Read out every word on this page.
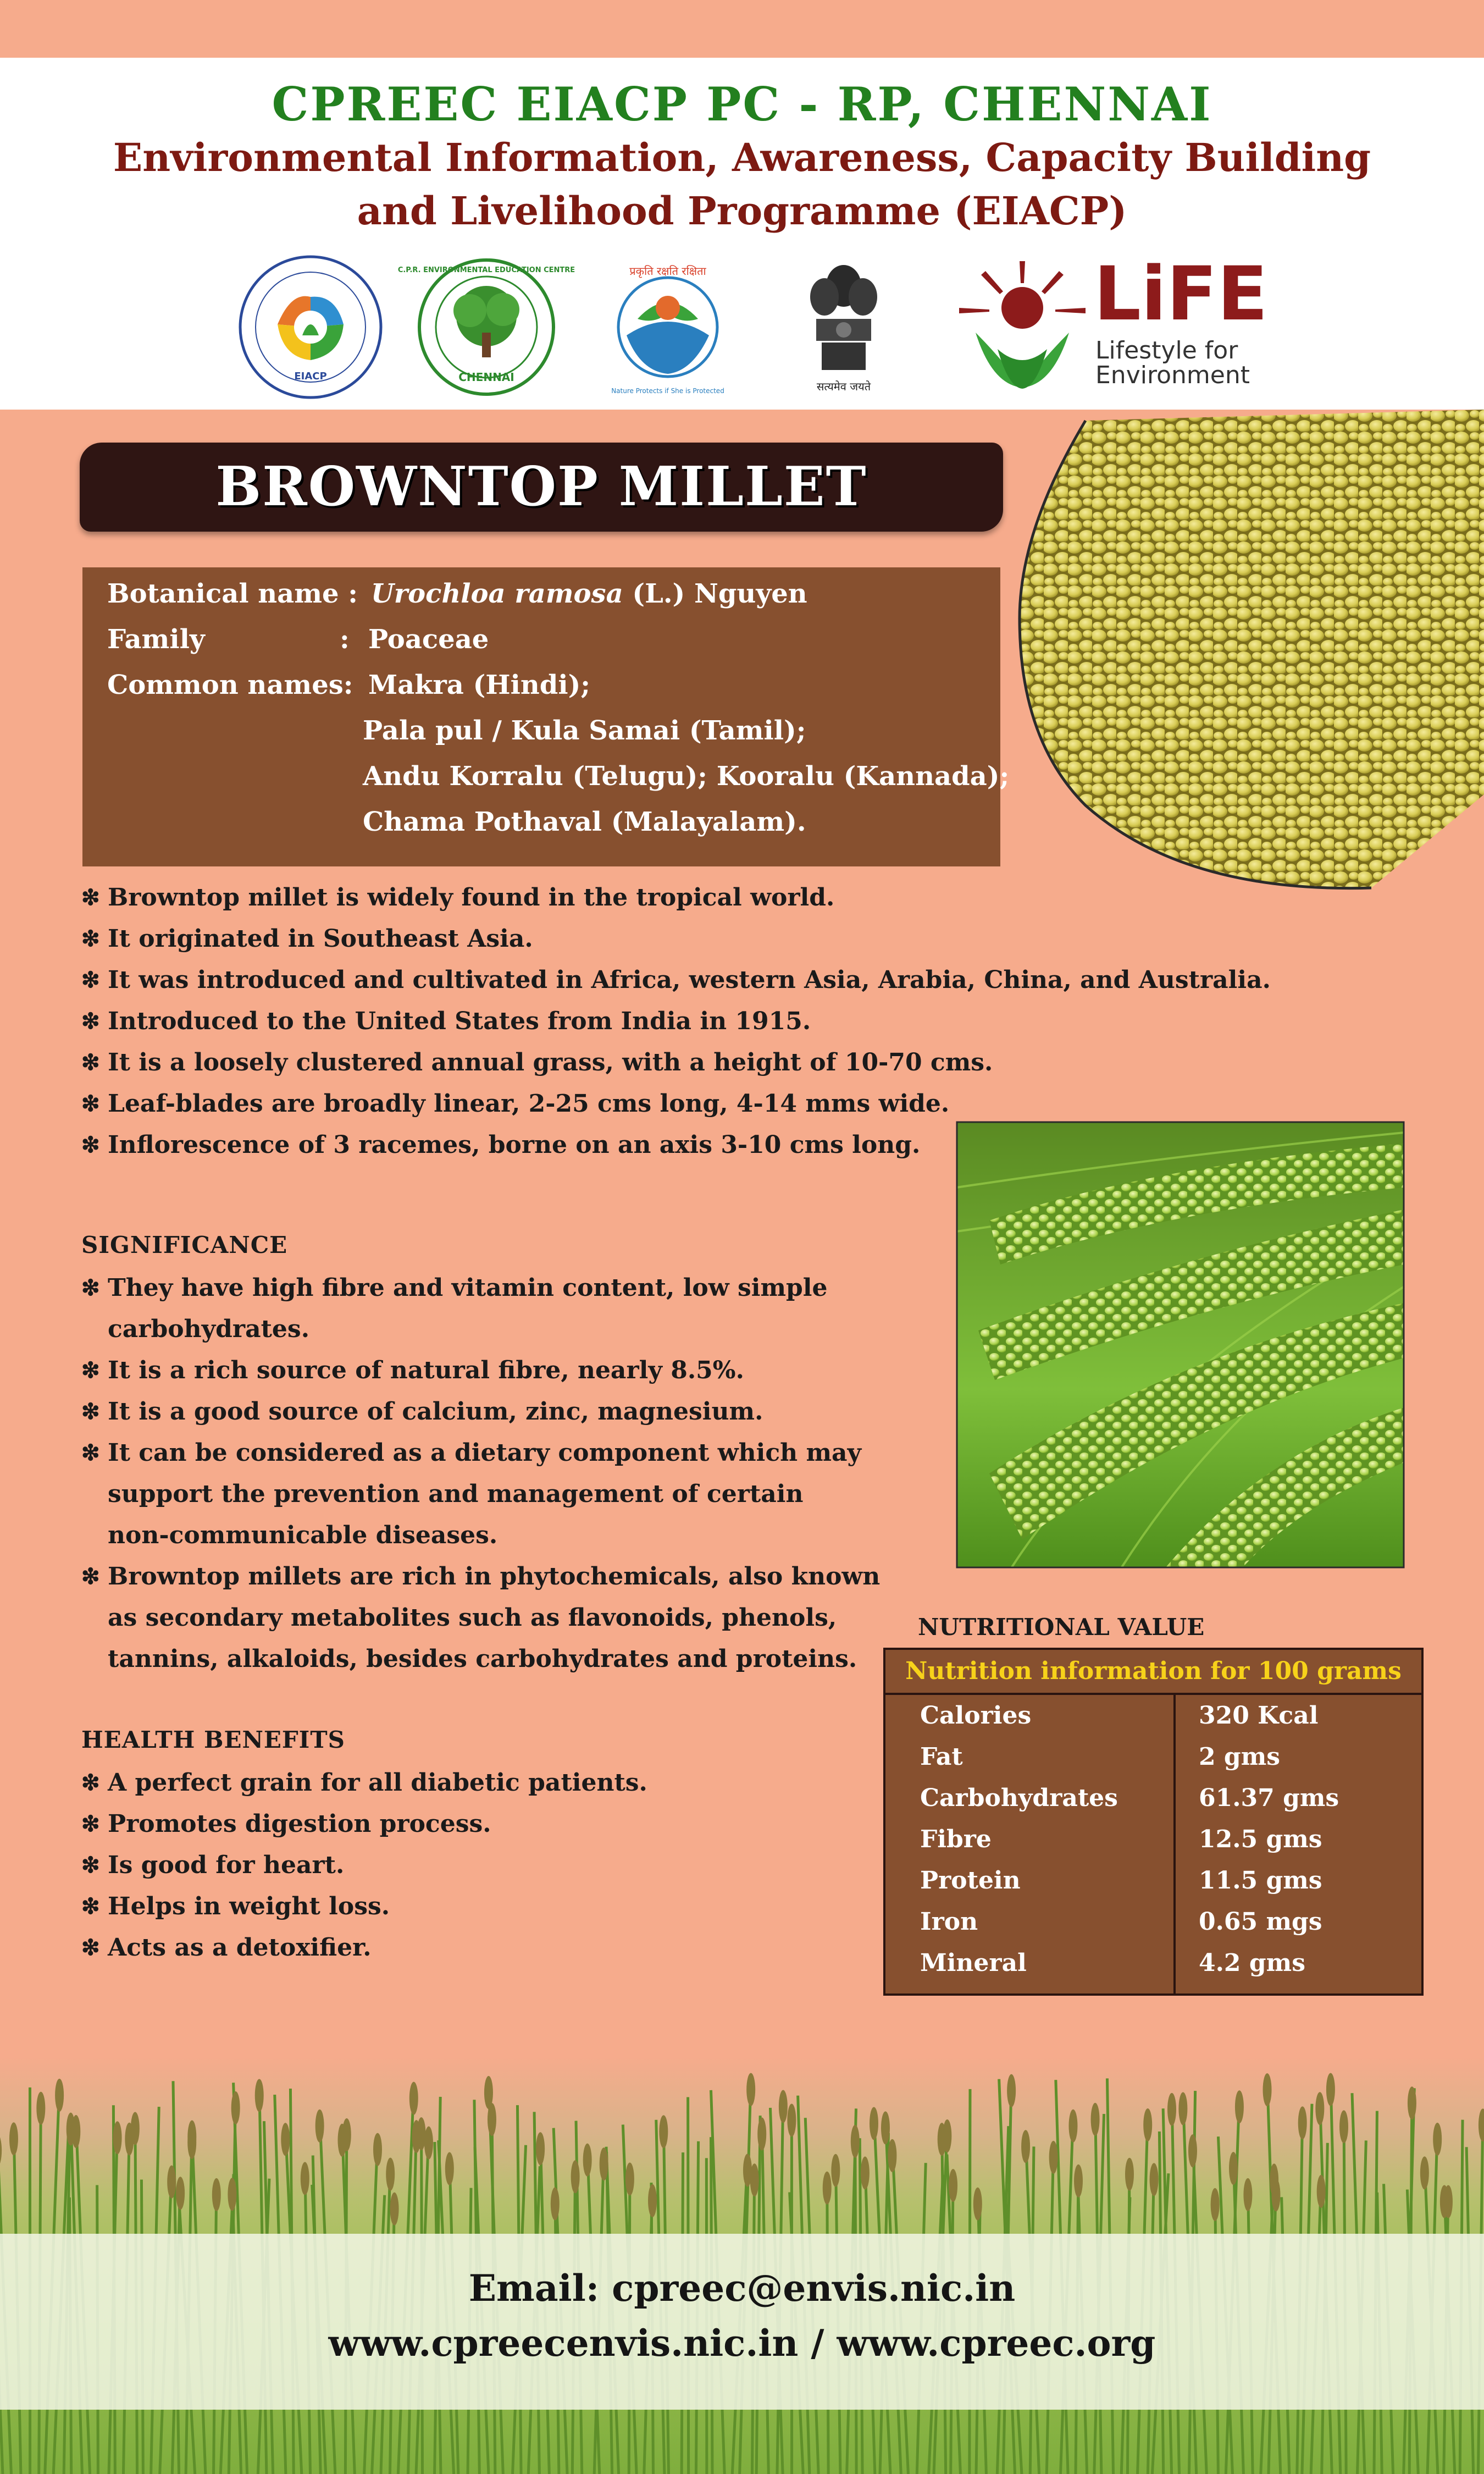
CPREEC EIACP PC - RP, CHENNAI
Environmental Information, Awareness, Capacity Building
and Livelihood Programme (EIACP)
EIACP
C.P.R. ENVIRONMENTAL EDUCATION CENTRE
CHENNAI
प्रकृति रक्षति रक्षिता
Nature Protects if She is Protected	सत्यमेव जयते
LiFE
Lifestyle for
Environment
BROWNTOP MILLET
Botanical name : Urochloa ramosa (L.) Nguyen
Family	: Poaceae
Common names: Makra (Hindi);
Pala pul / Kula Samai (Tamil);
Andu Korralu (Telugu); Kooralu (Kannada);
Chama Pothaval (Malayalam).
❇ Browntop millet is widely found in the tropical world.
❇ It originated in Southeast Asia.
❇ It was introduced and cultivated in Africa, western Asia, Arabia, China, and Australia.
❇ Introduced to the United States from India in 1915.
❇ It is a loosely clustered annual grass, with a height of 10-70 cms.
❇ Leaf-blades are broadly linear, 2-25 cms long, 4-14 mms wide.
❇ Inflorescence of 3 racemes, borne on an axis 3-10 cms long.
SIGNIFICANCE
❇ They have high fibre and vitamin content, low simple
carbohydrates.
❇ It is a rich source of natural fibre, nearly 8.5%.
❇ It is a good source of calcium, zinc, magnesium.
❇ It can be considered as a dietary component which may
support the prevention and management of certain
non-communicable diseases.
❇ Browntop millets are rich in phytochemicals, also known
as secondary metabolites such as flavonoids, phenols,
tannins, alkaloids, besides carbohydrates and proteins.
HEALTH BENEFITS
❇ A perfect grain for all diabetic patients.
❇ Promotes digestion process.
❇ Is good for heart.
❇ Helps in weight loss.
❇ Acts as a detoxifier.
NUTRITIONAL VALUE
Nutrition information for 100 grams
Calories	320 Kcal
Fat	2 gms
Carbohydrates	61.37 gms
Fibre	12.5 gms
Protein	11.5 gms
Iron	0.65 mgs
Mineral	4.2 gms
Email: cpreec@envis.nic.in
www.cpreecenvis.nic.in / www.cpreec.org
